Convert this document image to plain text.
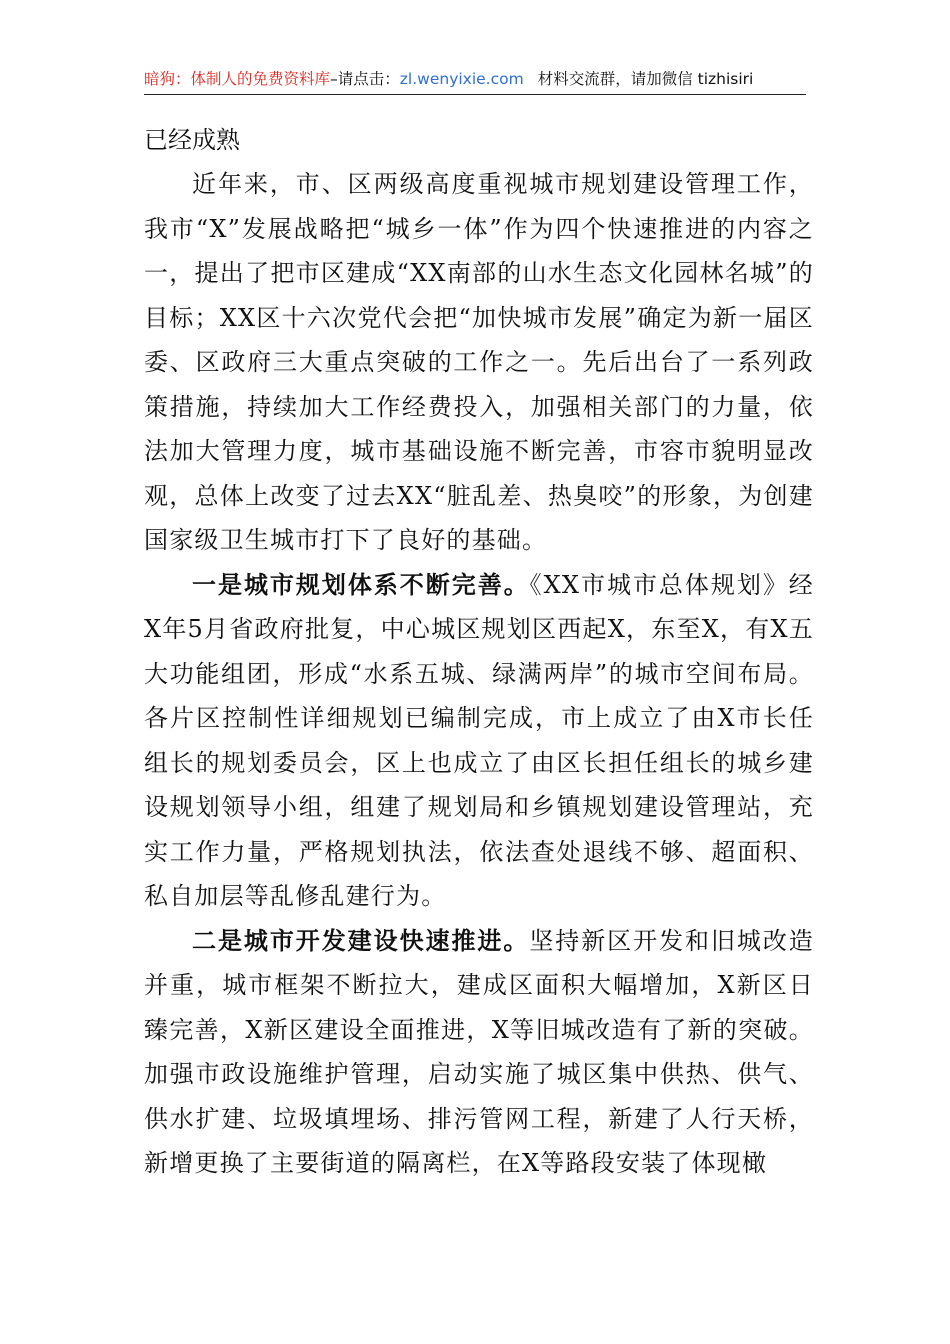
暗狗：体制人的免费资料库–请点击：zl.wenyixie.com 材料交流群，请加微信 tizhisiri
已经成熟

近年来，市、区两级高度重视城市规划建设管理工作，我市“X”发展战略把“城乡一体”作为四个快速推进的内容之一，提出了把市区建成“XX南部的山水生态文化园林名城”的目标；XX区十六次党代会把“加快城市发展”确定为新一届区委、区政府三大重点突破的工作之一。先后出台了一系列政策措施，持续加大工作经费投入，加强相关部门的力量，依法加大管理力度，城市基础设施不断完善，市容市貌明显改观，总体上改变了过去XX“脏乱差、热臭咬”的形象，为创建国家级卫生城市打下了良好的基础。

一是城市规划体系不断完善。《XX市城市总体规划》经X年5月省政府批复，中心城区规划区西起X，东至X，有X五大功能组团，形成“水系五城、绿满两岸”的城市空间布局。各片区控制性详细规划已编制完成，市上成立了由X市长任组长的规划委员会，区上也成立了由区长担任组长的城乡建设规划领导小组，组建了规划局和乡镇规划建设管理站，充实工作力量，严格规划执法，依法查处退线不够、超面积、私自加层等乱修乱建行为。

二是城市开发建设快速推进。坚持新区开发和旧城改造并重，城市框架不断拉大，建成区面积大幅增加，X新区日臻完善，X新区建设全面推进，X等旧城改造有了新的突破。加强市政设施维护管理，启动实施了城区集中供热、供气、供水扩建、垃圾填埋场、排污管网工程，新建了人行天桥，新增更换了主要街道的隔离栏，在X等路段安装了体现橄
